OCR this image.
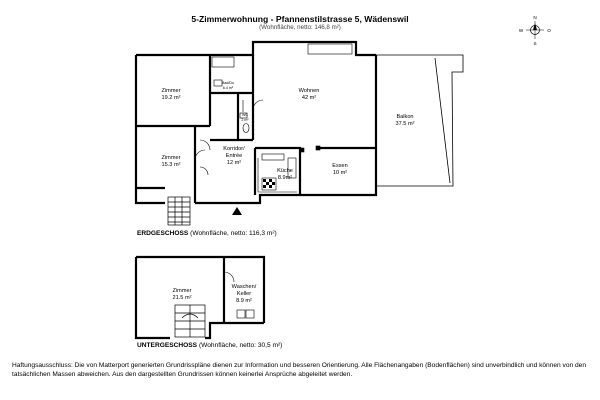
5-Zimmerwohnung - Pfannenstilstrasse 5, Wädenswil
(Wohnfläche, netto: 146,8 m²)
N
S
W	O
Zimmer
19.2 m²
Bad/Du
6.4 m²
WC
2 m²
Wohnen
42 m²
Balkon
37.5 m²
Zimmer
15.3 m²
Korridor/
Entrée
12 m²
Küche
8.9m²
Essen
10 m²
Zimmer
21.5 m²
Waschen/
Keller
8.9 m²
ERDGESCHOSS (Wohnfläche, netto: 116,3 m²)
UNTERGESCHOSS (Wohnfläche, netto: 30,5 m²)
Haftungsausschluss: Die von Matterport generierten Grundrisspläne dienen zur Information und besseren Orientierung. Alle Flächenangaben (Bodenflächen) sind unverbindlich und können von den tatsächlichen Massen abweichen. Aus den dargestellten Grundrissen können keinerlei Ansprüche abgeleitet werden.
